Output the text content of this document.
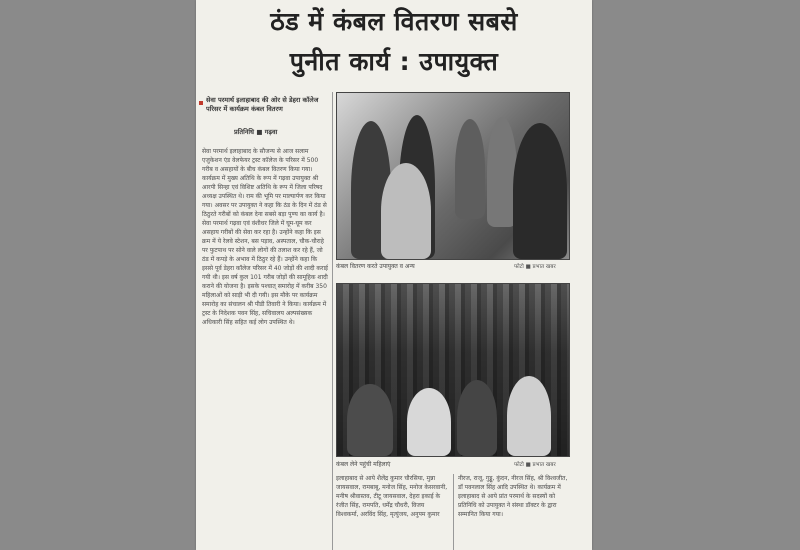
ठंड में कंबल वितरण सबसे
पुनीत कार्य : उपायुक्त
सेवा परमार्थ इलाहाबाद की ओर से डेहरा कॉलेज परिसर में कार्यक्रम कंबल वितरण
प्रतिनिधि ■ गढ़वा
सेवा परमार्थ इलाहाबाद के सौजन्य से आज सलाम एजुकेशन एंड वेलफेयर ट्रस्ट कॉलेज के परिसर में 500 गरीब व असहायों के बीच कंबल वितरण किया गया। कार्यक्रम में मुख्य अतिथि के रूप में गढ़वा उपायुक्त श्री आरपी सिन्हा एवं विशिष्ट अतिथि के रूप में जिला परिषद अध्यक्ष उपस्थित थे। राम की भूमि पर माल्यार्पण कर किया गया। अवसर पर उपायुक्त ने कहा कि ठंड के दिन में ठंड से ठिठुरते गरीबों को कंबल देना सबसे बड़ा पुण्य का कार्य है। सेवा परमार्थ गढ़वा एवं वंशीधर जिले में घूम-घूम कर असहाय गरीबों की सेवा कर रहा है। उन्होंने कहा कि इस क्रम में ये रेलवे स्टेशन, बस पड़ाव, अस्पताल, चौक-चौराहे पर फुटपाथ पर सोने वाले लोगों की तलाश कर रहे हैं, जो ठंड में कपड़े के अभाव में ठिठुर रहे हैं। उन्होंने कहा कि इससे पूर्व डेहरा कॉलेज परिसर में 40 जोड़ों की शादी कराई गयी थी। इस वर्ष कुल 101 गरीब जोड़ों की सामूहिक शादी कराने की योजना है। इसके पश्चात् समारोह में करीब 350 महिलाओं को साड़ी भी दी गयी। इस मौके पर कार्यक्रम समारोह का संचालन श्री पीडी तिवारी ने किया। कार्यक्रम में ट्रस्ट के निदेशक पवन सिंह, सचिवालय अल्पसंख्यक अधिकारी सिंह सहित कई लोग उपस्थित थे।
कंबल वितरण करते उपायुक्त व अन्य	फोटो ■ प्रभात खबर
कंबल लेने पहुंची महिलाएं	फोटो ■ प्रभात खबर
इलाहाबाद से आये शैलेंद्र कुमार चौरसिया, मुन्ना जायसवाल, रामबाबू, मनोज सिंह, मनोज केसरवानी, मनीष श्रीवास्तव, टीटू जायसवाल, देहरा इकाई के रंजीत सिंह, रामपति, धर्मेंद्र चौधरी, विजय विश्वकर्मा, अरविंद सिंह, मृत्युंजय, अनुपम कुमार
नीरज, राजू, गुड्डू, कुंदन, नीरज सिंह, श्री विश्वजीत, डॉ पवनलाल सिंह आदि उपस्थित थे। कार्यक्रम में इलाहाबाद से आये प्रांत परमार्थ के सदस्यों को प्रतिनिधि को उपायुक्त ने संस्था डॉक्टर के द्वारा सम्मानित किया गया।
